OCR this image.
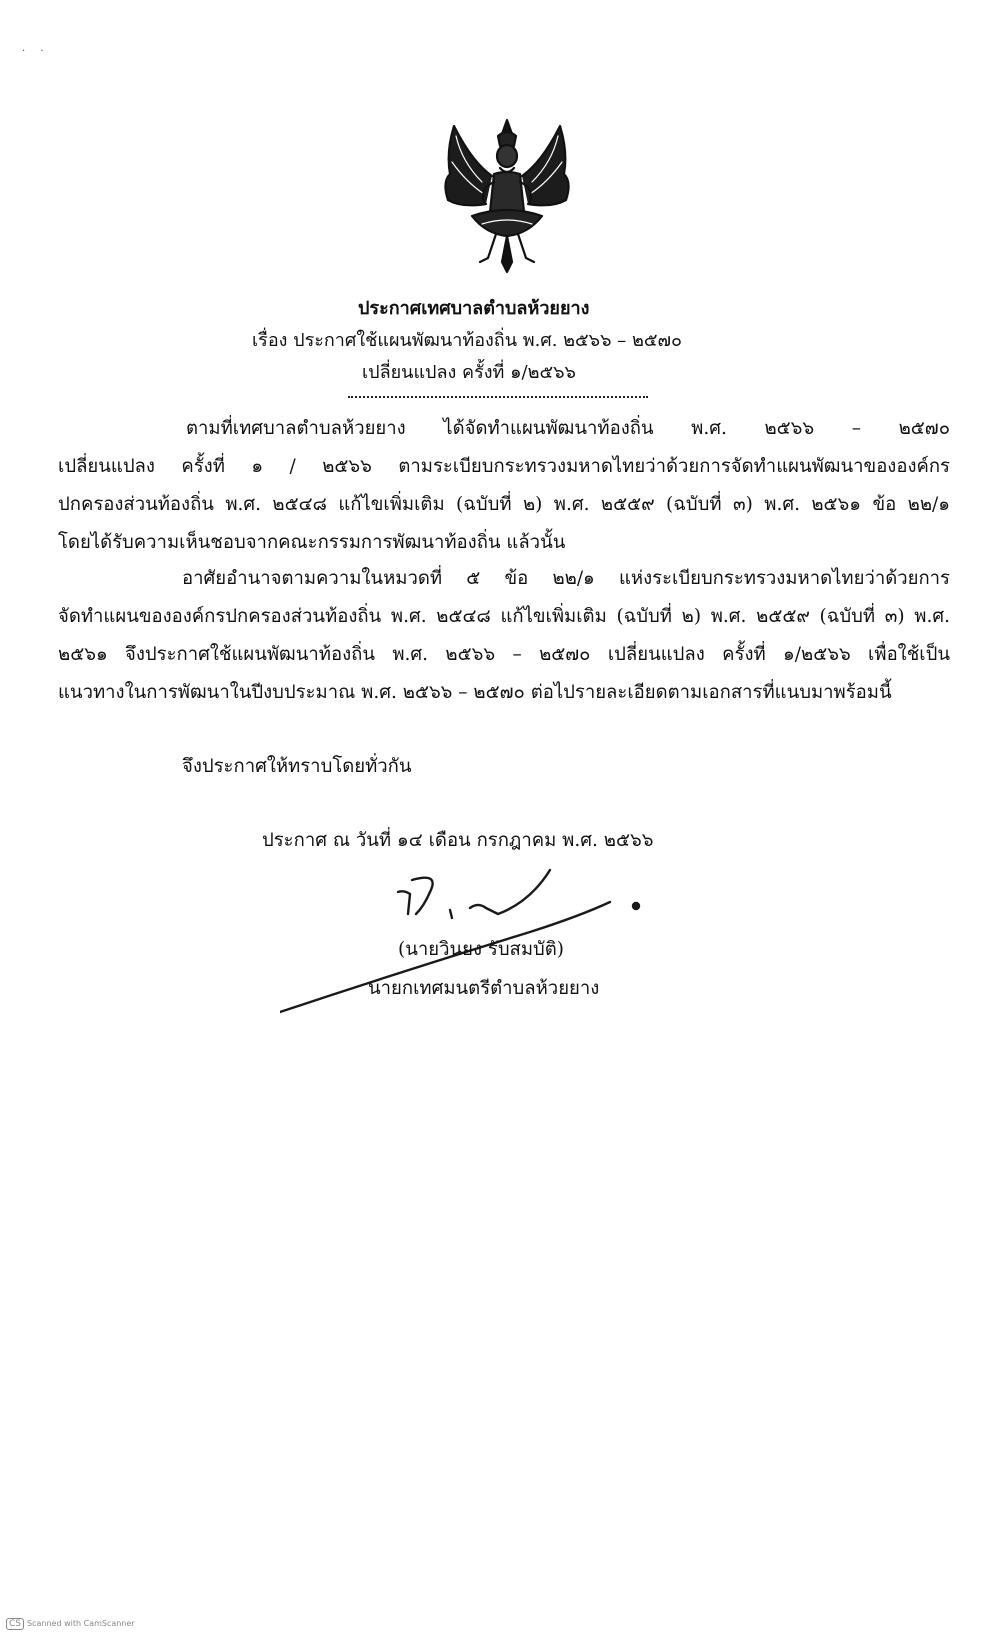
· ·
ประกาศเทศบาลตำบลห้วยยาง
เรื่อง ประกาศใช้แผนพัฒนาท้องถิ่น พ.ศ. ๒๕๖๖ – ๒๕๗๐
เปลี่ยนแปลง ครั้งที่ ๑/๒๕๖๖
ตามที่เทศบาลตำบลห้วยยาง ได้จัดทำแผนพัฒนาท้องถิ่น พ.ศ. ๒๕๖๖ – ๒๕๗๐
เปลี่ยนแปลง ครั้งที่ ๑ / ๒๕๖๖ ตามระเบียบกระทรวงมหาดไทยว่าด้วยการจัดทำแผนพัฒนาขององค์กร
ปกครองส่วนท้องถิ่น พ.ศ. ๒๕๔๘ แก้ไขเพิ่มเติม (ฉบับที่ ๒) พ.ศ. ๒๕๕๙ (ฉบับที่ ๓) พ.ศ. ๒๕๖๑ ข้อ ๒๒/๑
โดยได้รับความเห็นชอบจากคณะกรรมการพัฒนาท้องถิ่น แล้วนั้น
อาศัยอำนาจตามความในหมวดที่ ๕ ข้อ ๒๒/๑ แห่งระเบียบกระทรวงมหาดไทยว่าด้วยการ
จัดทำแผนขององค์กรปกครองส่วนท้องถิ่น พ.ศ. ๒๕๔๘ แก้ไขเพิ่มเติม (ฉบับที่ ๒) พ.ศ. ๒๕๕๙ (ฉบับที่ ๓) พ.ศ.
๒๕๖๑ จึงประกาศใช้แผนพัฒนาท้องถิ่น พ.ศ. ๒๕๖๖ – ๒๕๗๐ เปลี่ยนแปลง ครั้งที่ ๑/๒๕๖๖ เพื่อใช้เป็น
แนวทางในการพัฒนาในปีงบประมาณ พ.ศ. ๒๕๖๖ – ๒๕๗๐ ต่อไปรายละเอียดตามเอกสารที่แนบมาพร้อมนี้
จึงประกาศให้ทราบโดยทั่วกัน
ประกาศ ณ วันที่ ๑๔ เดือน กรกฎาคม พ.ศ. ๒๕๖๖
(นายวินยง รับสมบัติ)
นายกเทศมนตรีตำบลห้วยยาง
CS Scanned with CamScanner
